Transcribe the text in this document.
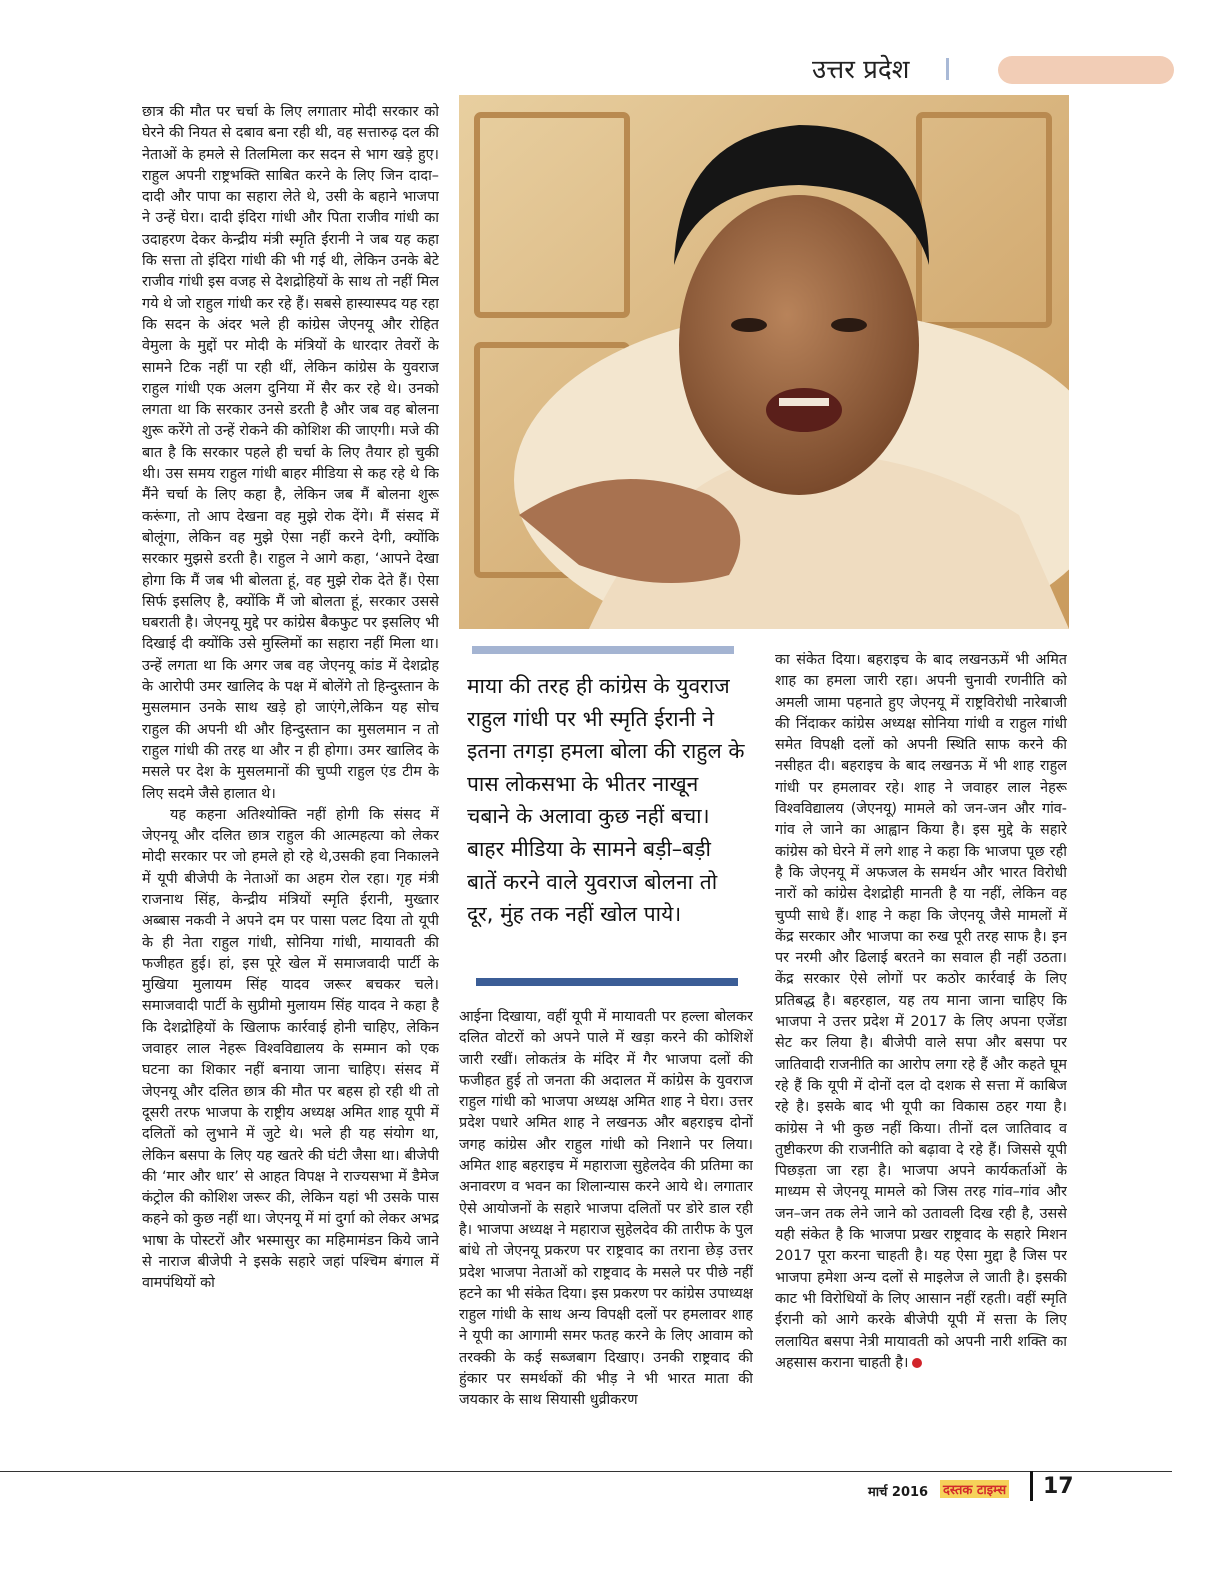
उत्तर प्रदेश

छात्र की मौत पर चर्चा के लिए लगातार मोदी सरकार को घेरने की नियत से दबाव बना रही थी, वह सत्तारुढ़ दल की नेताओं के हमले से तिलमिला कर सदन से भाग खड़े हुए। राहुल अपनी राष्ट्रभक्ति साबित करने के लिए जिन दादा–दादी और पापा का सहारा लेते थे, उसी के बहाने भाजपा ने उन्हें घेरा। दादी इंदिरा गांधी और पिता राजीव गांधी का उदाहरण देकर केन्द्रीय मंत्री स्मृति ईरानी ने जब यह कहा कि सत्ता तो इंदिरा गांधी की भी गई थी, लेकिन उनके बेटे राजीव गांधी इस वजह से देशद्रोहियों के साथ तो नहीं मिल गये थे जो राहुल गांधी कर रहे हैं। सबसे हास्यास्पद यह रहा कि सदन के अंदर भले ही कांग्रेस जेएनयू और रोहित वेमुला के मुद्दों पर मोदी के मंत्रियों के धारदार तेवरों के सामने टिक नहीं पा रही थीं, लेकिन कांग्रेस के युवराज राहुल गांधी एक अलग दुनिया में सैर कर रहे थे। उनको लगता था कि सरकार उनसे डरती है और जब वह बोलना शुरू करेंगे तो उन्हें रोकने की कोशिश की जाएगी। मजे की बात है कि सरकार पहले ही चर्चा के लिए तैयार हो चुकी थी। उस समय राहुल गांधी बाहर मीडिया से कह रहे थे कि मैंने चर्चा के लिए कहा है, लेकिन जब मैं बोलना शुरू करूंगा, तो आप देखना वह मुझे रोक देंगे। मैं संसद में बोलूंगा, लेकिन वह मुझे ऐसा नहीं करने देगी, क्योंकि सरकार मुझसे डरती है। राहुल ने आगे कहा, ‘आपने देखा होगा कि मैं जब भी बोलता हूं, वह मुझे रोक देते हैं। ऐसा सिर्फ इसलिए है, क्योंकि मैं जो बोलता हूं, सरकार उससे घबराती है। जेएनयू मुद्दे पर कांग्रेस बैकफुट पर इसलिए भी दिखाई दी क्योंकि उसे मुस्लिमों का सहारा नहीं मिला था। उन्हें लगता था कि अगर जब वह जेएनयू कांड में देशद्रोह के आरोपी उमर खालिद के पक्ष में बोलेंगे तो हिन्दुस्तान के मुसलमान उनके साथ खड़े हो जाएंगे,लेकिन यह सोच राहुल की अपनी थी और हिन्दुस्तान का मुसलमान न तो राहुल गांधी की तरह था और न ही होगा। उमर खालिद के मसले पर देश के मुसलमानों की चुप्पी राहुल एंड टीम के लिए सदमे जैसे हालात थे।

यह कहना अतिश्योक्ति नहीं होगी कि संसद में जेएनयू और दलित छात्र राहुल की आत्महत्या को लेकर मोदी सरकार पर जो हमले हो रहे थे,उसकी हवा निकालने में यूपी बीजेपी के नेताओं का अहम रोल रहा। गृह मंत्री राजनाथ सिंह, केन्द्रीय मंत्रियों स्मृति ईरानी, मुख्तार अब्बास नकवी ने अपने दम पर पासा पलट दिया तो यूपी के ही नेता राहुल गांधी, सोनिया गांधी, मायावती की फजीहत हुई। हां, इस पूरे खेल में समाजवादी पार्टी के मुखिया मुलायम सिंह यादव जरूर बचकर चले। समाजवादी पार्टी के सुप्रीमो मुलायम सिंह यादव ने कहा है कि देशद्रोहियों के खिलाफ कार्रवाई होनी चाहिए, लेकिन जवाहर लाल नेहरू विश्वविद्यालय के सम्मान को एक घटना का शिकार नहीं बनाया जाना चाहिए। संसद में जेएनयू और दलित छात्र की मौत पर बहस हो रही थी तो दूसरी तरफ भाजपा के राष्ट्रीय अध्यक्ष अमित शाह यूपी में दलितों को लुभाने में जुटे थे। भले ही यह संयोग था, लेकिन बसपा के लिए यह खतरे की घंटी जैसा था। बीजेपी की ‘मार और धार’ से आहत विपक्ष ने राज्यसभा में डैमेज कंट्रोल की कोशिश जरूर की, लेकिन यहां भी उसके पास कहने को कुछ नहीं था। जेएनयू में मां दुर्गा को लेकर अभद्र भाषा के पोस्टरों और भस्मासुर का महिमामंडन किये जाने से नाराज बीजेपी ने इसके सहारे जहां पश्चिम बंगाल में वामपंथियों को

माया की तरह ही कांग्रेस के युवराज राहुल गांधी पर भी स्मृति ईरानी ने इतना तगड़ा हमला बोला की राहुल के पास लोकसभा के भीतर नाखून चबाने के अलावा कुछ नहीं बचा। बाहर मीडिया के सामने बड़ी–बड़ी बातें करने वाले युवराज बोलना तो दूर, मुंह तक नहीं खोल पाये।

आईना दिखाया, वहीं यूपी में मायावती पर हल्ला बोलकर दलित वोटरों को अपने पाले में खड़ा करने की कोशिशें जारी रखीं। लोकतंत्र के मंदिर में गैर भाजपा दलों की फजीहत हुई तो जनता की अदालत में कांग्रेस के युवराज राहुल गांधी को भाजपा अध्यक्ष अमित शाह ने घेरा। उत्तर प्रदेश पधारे अमित शाह ने लखनऊ और बहराइच दोनों जगह कांग्रेस और राहुल गांधी को निशाने पर लिया। अमित शाह बहराइच में महाराजा सुहेलदेव की प्रतिमा का अनावरण व भवन का शिलान्यास करने आये थे। लगातार ऐसे आयोजनों के सहारे भाजपा दलितों पर डोरे डाल रही है। भाजपा अध्यक्ष ने महाराज सुहेलदेव की तारीफ के पुल बांधे तो जेएनयू प्रकरण पर राष्ट्रवाद का तराना छेड़ उत्तर प्रदेश भाजपा नेताओं को राष्ट्रवाद के मसले पर पीछे नहीं हटने का भी संकेत दिया। इस प्रकरण पर कांग्रेस उपाध्यक्ष राहुल गांधी के साथ अन्य विपक्षी दलों पर हमलावर शाह ने यूपी का आगामी समर फतह करने के लिए आवाम को तरक्की के कई सब्जबाग दिखाए। उनकी राष्ट्रवाद की हुंकार पर समर्थकों की भीड़ ने भी भारत माता की जयकार के साथ सियासी धुव्रीकरण

का संकेत दिया। बहराइच के बाद लखनऊमें भी अमित शाह का हमला जारी रहा। अपनी चुनावी रणनीति को अमली जामा पहनाते हुए जेएनयू में राष्ट्रविरोधी नारेबाजी की निंदाकर कांग्रेस अध्यक्ष सोनिया गांधी व राहुल गांधी समेत विपक्षी दलों को अपनी स्थिति साफ करने की नसीहत दी। बहराइच के बाद लखनऊ में भी शाह राहुल गांधी पर हमलावर रहे। शाह ने जवाहर लाल नेहरू विश्वविद्यालय (जेएनयू) मामले को जन-जन और गांव-गांव ले जाने का आह्वान किया है। इस मुद्दे के सहारे कांग्रेस को घेरने में लगे शाह ने कहा कि भाजपा पूछ रही है कि जेएनयू में अफजल के समर्थन और भारत विरोधी नारों को कांग्रेस देशद्रोही मानती है या नहीं, लेकिन वह चुप्पी साधे हैं। शाह ने कहा कि जेएनयू जैसे मामलों में केंद्र सरकार और भाजपा का रुख पूरी तरह साफ है। इन पर नरमी और ढिलाई बरतने का सवाल ही नहीं उठता। केंद्र सरकार ऐसे लोगों पर कठोर कार्रवाई के लिए प्रतिबद्ध है। बहरहाल, यह तय माना जाना चाहिए कि भाजपा ने उत्तर प्रदेश में 2017 के लिए अपना एजेंडा सेट कर लिया है। बीजेपी वाले सपा और बसपा पर जातिवादी राजनीति का आरोप लगा रहे हैं और कहते घूम रहे हैं कि यूपी में दोनों दल दो दशक से सत्ता में काबिज रहे है। इसके बाद भी यूपी का विकास ठहर गया है। कांग्रेस ने भी कुछ नहीं किया। तीनों दल जातिवाद व तुष्टीकरण की राजनीति को बढ़ावा दे रहे हैं। जिससे यूपी पिछड़ता जा रहा है। भाजपा अपने कार्यकर्ताओं के माध्यम से जेएनयू मामले को जिस तरह गांव–गांव और जन–जन तक लेने जाने को उतावली दिख रही है, उससे यही संकेत है कि भाजपा प्रखर राष्ट्रवाद के सहारे मिशन 2017 पूरा करना चाहती है। यह ऐसा मुद्दा है जिस पर भाजपा हमेशा अन्य दलों से माइलेज ले जाती है। इसकी काट भी विरोधियों के लिए आसान नहीं रहती। वहीं स्मृति ईरानी को आगे करके बीजेपी यूपी में सत्ता के लिए ललायित बसपा नेत्री मायावती को अपनी नारी शक्ति का अहसास कराना चाहती है।

मार्च 2016 दस्तक टाइम्स 17
